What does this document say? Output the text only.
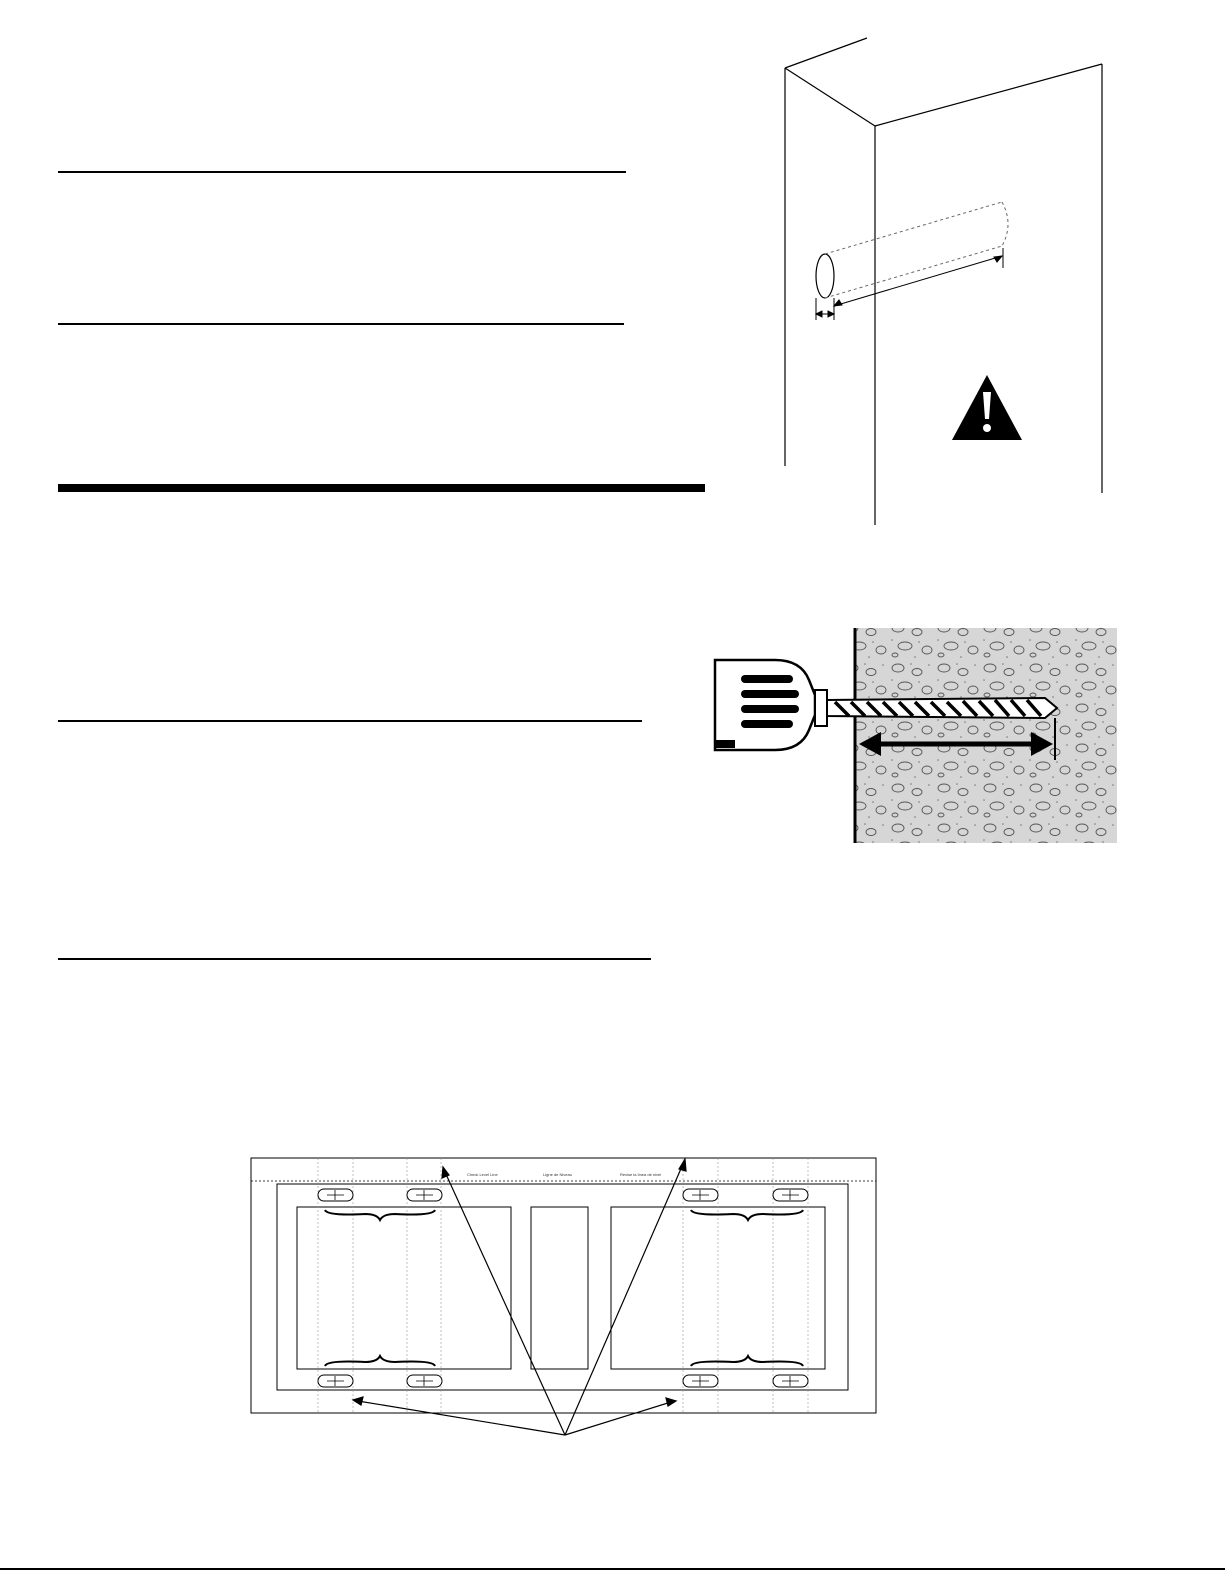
Check Level Line	Ligne de Niveau	Revise la línea de nivel
